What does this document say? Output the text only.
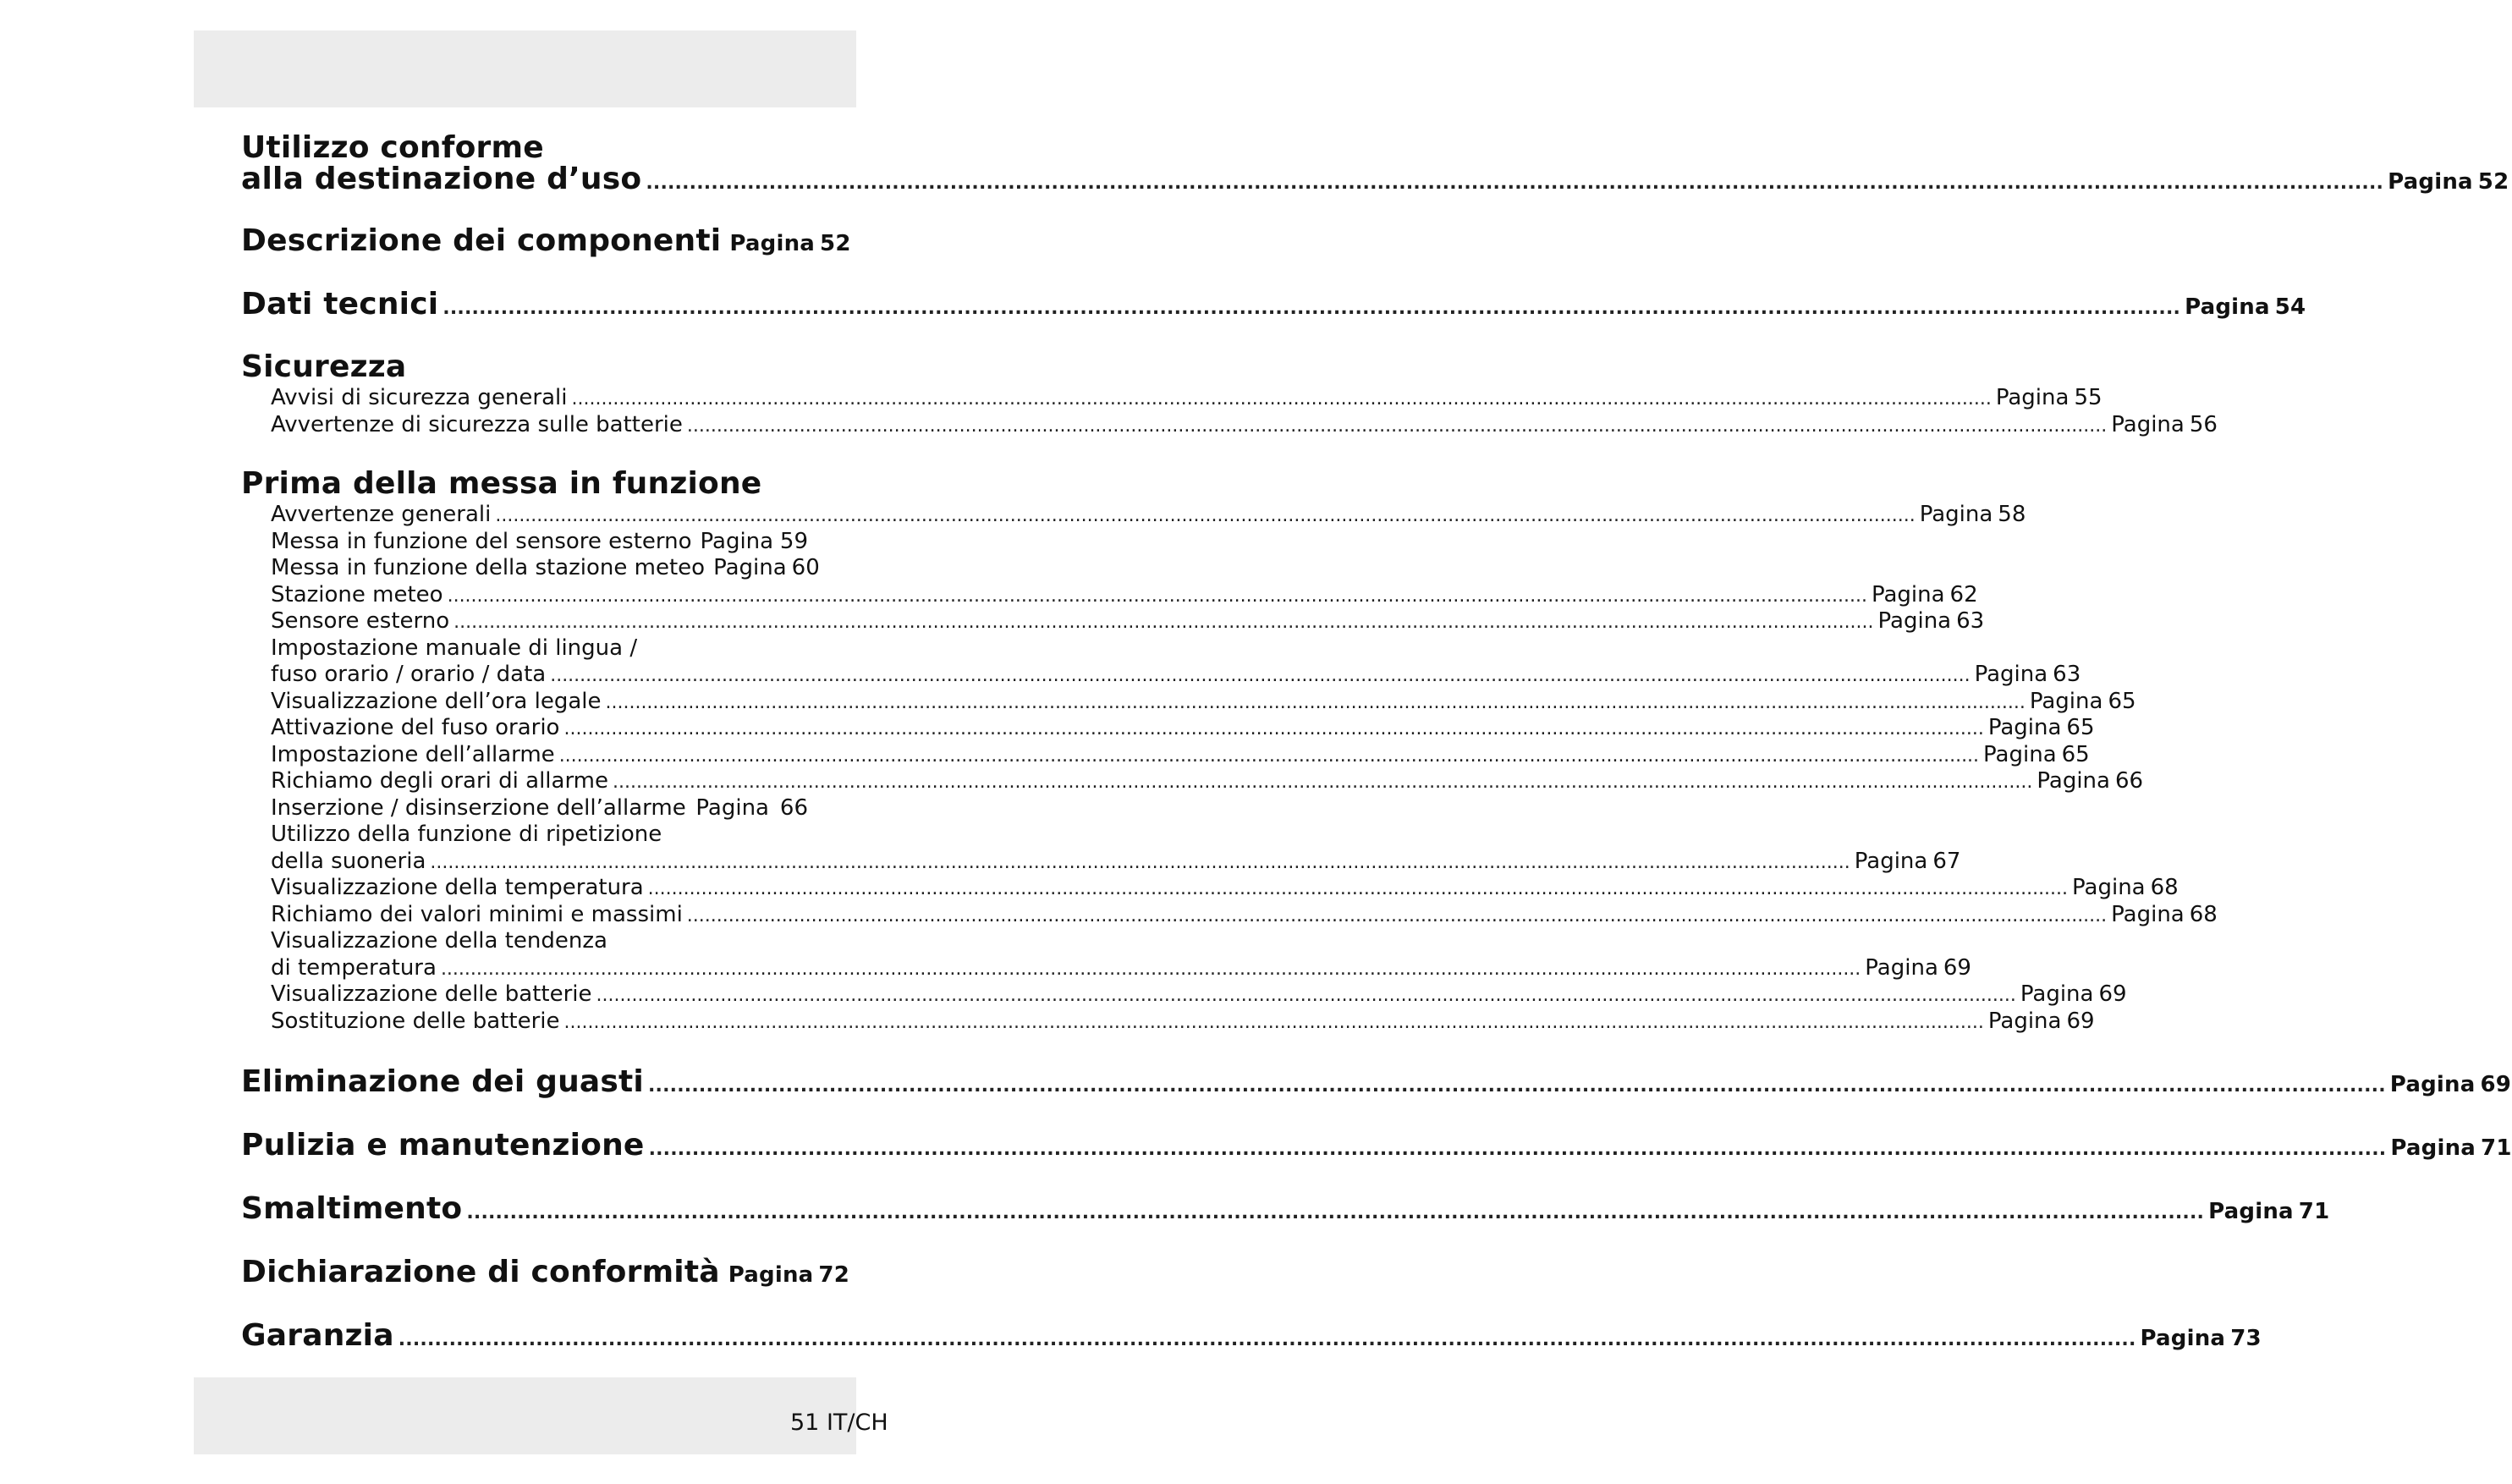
Utilizzo conforme
alla destinazione d’uso .....	Pagina 52
Descrizione dei componenti Pagina 52
Dati tecnici .....	Pagina 54
Sicurezza
Avvisi di sicurezza generali .....	Pagina 55
Avvertenze di sicurezza sulle batterie .....	Pagina 56
Prima della messa in funzione
Avvertenze generali .....	Pagina 58
Messa in funzione del sensore esterno Pagina 59
Messa in funzione della stazione meteo Pagina 60
Stazione meteo .....	Pagina 62
Sensore esterno .....	Pagina 63
Impostazione manuale di lingua /
fuso orario / orario / data .....	Pagina 63
Visualizzazione dell’ora legale .....	Pagina 65
Attivazione del fuso orario .....	Pagina 65
Impostazione dell’allarme .....	Pagina 65
Richiamo degli orari di allarme .....	Pagina 66
Inserzione / disinserzione dell’allarme ..... Pagina 66
Utilizzo della funzione di ripetizione
della suoneria .....	Pagina 67
Visualizzazione della temperatura .....	Pagina 68
Richiamo dei valori minimi e massimi .....	Pagina 68
Visualizzazione della tendenza
di temperatura .....	Pagina 69
Visualizzazione delle batterie .....	Pagina 69
Sostituzione delle batterie .....	Pagina 69
Eliminazione dei guasti .....	Pagina 69
Pulizia e manutenzione .....	Pagina 71
Smaltimento .....	Pagina 71
Dichiarazione di conformità Pagina 72
Garanzia .....	Pagina 73
51 IT/CH
